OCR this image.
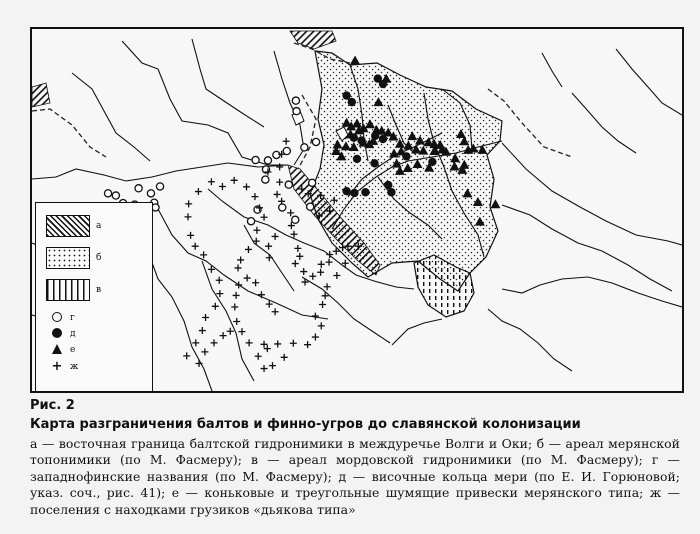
а
б
в
г
д
е
+ ж

Рис. 2

Карта разграничения балтов и финно-угров до славянской колонизации

а — восточная граница балтской гидронимики в междуречье Волги и Оки; б — ареал мерянской топонимики (по М. Фасмеру); в — ареал мордовской гидронимики (по М. Фасмеру); г — западнофинские названия (по М. Фасмеру); д — височные кольца мери (по Е. И. Горюновой; указ. соч., рис. 41); е — коньковые и треугольные шумящие привески мерянского типа; ж — поселения с находками грузиков «дьякова типа»
